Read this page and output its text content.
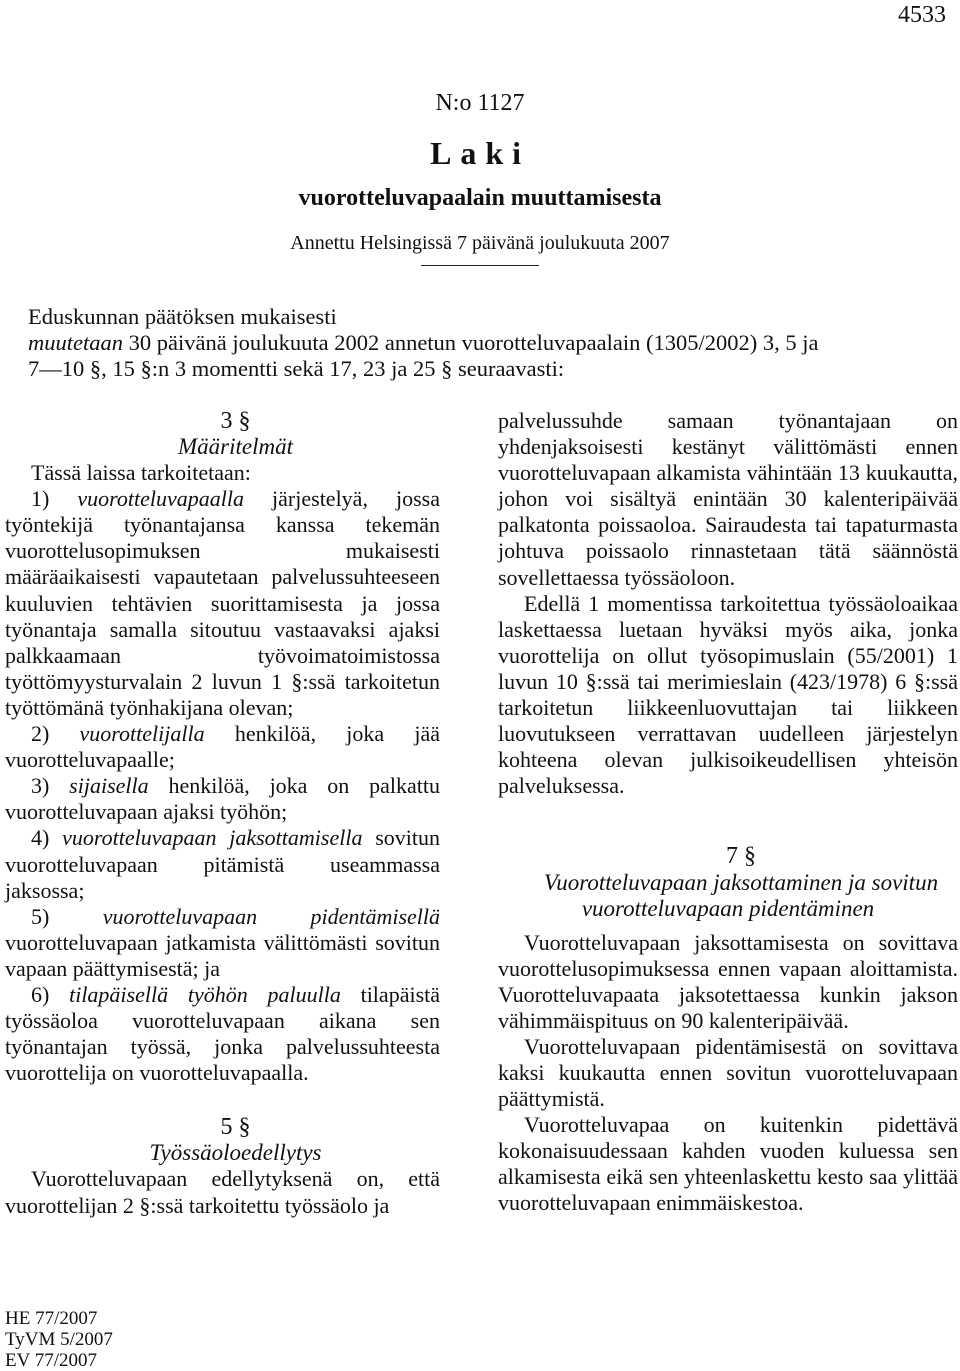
4533
N:o 1127
Laki
vuorotteluvapaalain muuttamisesta
Annettu Helsingissä 7 päivänä joulukuuta 2007

Eduskunnan päätöksen mukaisesti

muutetaan 30 päivänä joulukuuta 2002 annetun vuorotteluvapaalain (1305/2002) 3, 5 ja

7—10 §, 15 §:n 3 momentti sekä 17, 23 ja 25 § seuraavasti:

3 §

Määritelmät

Tässä laissa tarkoitetaan:

1) vuorotteluvapaalla järjestelyä, jossa työntekijä työnantajansa kanssa tekemän vuorottelusopimuksen mukaisesti määräaikaisesti vapautetaan palvelussuhteeseen kuuluvien tehtävien suorittamisesta ja jossa työnantaja samalla sitoutuu vastaavaksi ajaksi palkkaamaan työvoimatoimistossa työttömyysturvalain 2 luvun 1 §:ssä tarkoitetun työttömänä työnhakijana olevan;

2) vuorottelijalla henkilöä, joka jää vuorotteluvapaalle;

3) sijaisella henkilöä, joka on palkattu vuorotteluvapaan ajaksi työhön;

4) vuorotteluvapaan jaksottamisella sovitun vuorotteluvapaan pitämistä useammassa jaksossa;

5) vuorotteluvapaan pidentämisellä vuorotteluvapaan jatkamista välittömästi sovitun vapaan päättymisestä; ja

6) tilapäisellä työhön paluulla tilapäistä työssäoloa vuorotteluvapaan aikana sen työnantajan työssä, jonka palvelussuhteesta vuorottelija on vuorotteluvapaalla.

5 §

Työssäoloedellytys

Vuorotteluvapaan edellytyksenä on, että vuorottelijan 2 §:ssä tarkoitettu työssäolo ja

palvelussuhde samaan työnantajaan on yhdenjaksoisesti kestänyt välittömästi ennen vuorotteluvapaan alkamista vähintään 13 kuukautta, johon voi sisältyä enintään 30 kalenteripäivää palkatonta poissaoloa. Sairaudesta tai tapaturmasta johtuva poissaolo rinnastetaan tätä säännöstä sovellettaessa työssäoloon.

Edellä 1 momentissa tarkoitettua työssäoloaikaa laskettaessa luetaan hyväksi myös aika, jonka vuorottelija on ollut työsopimuslain (55/2001) 1 luvun 10 §:ssä tai merimieslain (423/1978) 6 §:ssä tarkoitetun liikkeenluovuttajan tai liikkeen luovutukseen verrattavan uudelleen järjestelyn kohteena olevan julkisoikeudellisen yhteisön palveluksessa.

7 §

Vuorotteluvapaan jaksottaminen ja sovitun vuorotteluvapaan pidentäminen

Vuorotteluvapaan jaksottamisesta on sovittava vuorottelusopimuksessa ennen vapaan aloittamista. Vuorotteluvapaata jaksotettaessa kunkin jakson vähimmäispituus on 90 kalenteripäivää.

Vuorotteluvapaan pidentämisestä on sovittava kaksi kuukautta ennen sovitun vuorotteluvapaan päättymistä.

Vuorotteluvapaa on kuitenkin pidettävä kokonaisuudessaan kahden vuoden kuluessa sen alkamisesta eikä sen yhteenlaskettu kesto saa ylittää vuorotteluvapaan enimmäiskestoa.

HE 77/2007
TyVM 5/2007
EV 77/2007
